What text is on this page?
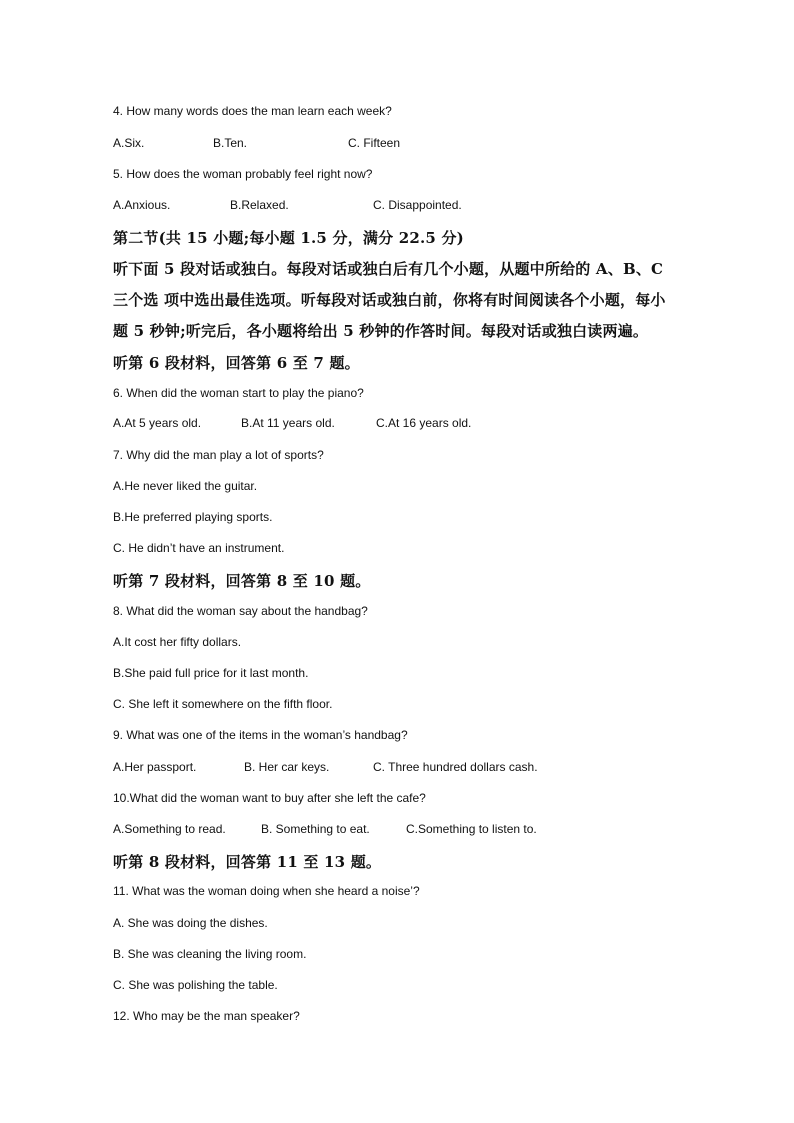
4. How many words does the man learn each week?
A.Six.	B.Ten.	C. Fifteen
5. How does the woman probably feel right now?
A.Anxious.	B.Relaxed.	C. Disappointed.
第二节(共 15 小题;每小题 1.5 分，满分 22.5 分)
听下面 5 段对话或独白。每段对话或独白后有几个小题，从题中所给的 A、B、C
三个选 项中选出最佳选项。听每段对话或独白前，你将有时间阅读各个小题，每小
题 5 秒钟;听完后，各小题将给出 5 秒钟的作答时间。每段对话或独白读两遍。
听第 6 段材料，回答第 6 至 7 题。
6. When did the woman start to play the piano?
A.At 5 years old.	B.At 11 years old.	C.At 16 years old.
7. Why did the man play a lot of sports?
A.He never liked the guitar.
B.He preferred playing sports.
C. He didn’t have an instrument.
听第 7 段材料，回答第 8 至 10 题。
8. What did the woman say about the handbag?
A.It cost her fifty dollars.
B.She paid full price for it last month.
C. She left it somewhere on the fifth floor.
9. What was one of the items in the woman’s handbag?
A.Her passport.	B. Her car keys.	C. Three hundred dollars cash.
10.What did the woman want to buy after she left the cafe?
A.Something to read.	B. Something to eat.	C.Something to listen to.
听第 8 段材料，回答第 11 至 13 题。
11. What was the woman doing when she heard a noise’?
A. She was doing the dishes.
B. She was cleaning the living room.
C. She was polishing the table.
12. Who may be the man speaker?
